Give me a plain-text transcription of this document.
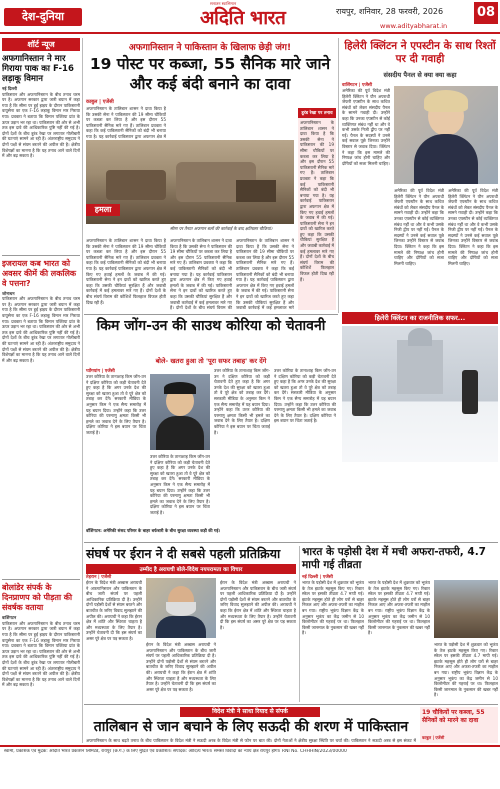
देश-दुनिया
सनातन स्वाभिमान
अदिति भारत	रायपुर, शनिवार, 28 फरवरी, 2026	08
www.adityabharat.in
शॉर्ट न्यूज
अफगानिस्तान ने मार गिराया पाक का F-16 लड़ाकू विमान
नई दिल्ली
पाकिस्तान और अफगानिस्तान के बीच तनाव चरम पर है। अफगान सरकार द्वारा जारी बयान में कहा गया है कि सीमा पर हुई झड़प के दौरान पाकिस्तानी वायुसेना का एक F-16 लड़ाकू विमान मार गिराया गया। प्रवक्ता ने बताया कि विमान पक्तिया प्रांत के ऊपर उड़ान भर रहा था। पाकिस्तान की ओर से अभी तक इस दावे की आधिकारिक पुष्टि नहीं की गई है। दोनों देशों के बीच डूरंड रेखा पर लगातार गोलीबारी की घटनाएं सामने आ रही हैं। अंतरराष्ट्रीय समुदाय ने दोनों पक्षों से संयम बरतने की अपील की है। क्षेत्रीय विशेषज्ञों का मानना है कि यह तनाव आने वाले दिनों में और बढ़ सकता है।
इजरायल कब भारत को अवसर कीमें की लकलिक वे पत्तना?
जोनाथन
पाकिस्तान और अफगानिस्तान के बीच तनाव चरम पर है। अफगान सरकार द्वारा जारी बयान में कहा गया है कि सीमा पर हुई झड़प के दौरान पाकिस्तानी वायुसेना का एक F-16 लड़ाकू विमान मार गिराया गया। प्रवक्ता ने बताया कि विमान पक्तिया प्रांत के ऊपर उड़ान भर रहा था। पाकिस्तान की ओर से अभी तक इस दावे की आधिकारिक पुष्टि नहीं की गई है। दोनों देशों के बीच डूरंड रेखा पर लगातार गोलीबारी की घटनाएं सामने आ रही हैं। अंतरराष्ट्रीय समुदाय ने दोनों पक्षों से संयम बरतने की अपील की है। क्षेत्रीय विशेषज्ञों का मानना है कि यह तनाव आने वाले दिनों में और बढ़ सकता है।
बोलांडेर संपर्क के दिनप्राणप को पीड़ता की संवर्षक वताया
वाशिंगटन
पाकिस्तान और अफगानिस्तान के बीच तनाव चरम पर है। अफगान सरकार द्वारा जारी बयान में कहा गया है कि सीमा पर हुई झड़प के दौरान पाकिस्तानी वायुसेना का एक F-16 लड़ाकू विमान मार गिराया गया। प्रवक्ता ने बताया कि विमान पक्तिया प्रांत के ऊपर उड़ान भर रहा था। पाकिस्तान की ओर से अभी तक इस दावे की आधिकारिक पुष्टि नहीं की गई है। दोनों देशों के बीच डूरंड रेखा पर लगातार गोलीबारी की घटनाएं सामने आ रही हैं। अंतरराष्ट्रीय समुदाय ने दोनों पक्षों से संयम बरतने की अपील की है। क्षेत्रीय विशेषज्ञों का मानना है कि यह तनाव आने वाले दिनों में और बढ़ सकता है।
अफगानिस्तान ने पाकिस्तान के खिलाफ छेड़ी जंग!
19 पोस्ट पर कब्जा, 55 सैनिक मारे जाने और कई बंदी बनाने का दावा
काबुल | एजेंसी
अफगानिस्तान के तालिबान शासन ने दावा किया है कि उसकी सेना ने पाकिस्तान की 19 सीमा चौकियों पर कब्जा कर लिया है और इस दौरान 55 पाकिस्तानी सैनिक मारे गए हैं। तालिबान प्रवक्ता ने कहा कि कई पाकिस्तानी सैनिकों को बंदी भी बनाया गया है। यह कार्रवाई पाकिस्तान द्वारा अफगान क्षेत्र में
हमला
सीमा पर तैनात अफगान बलों की कार्रवाई के बाद क्षतिग्रस्त चौकियां।
अफगानिस्तान के तालिबान शासन ने दावा किया है कि उसकी सेना ने पाकिस्तान की 19 सीमा चौकियों पर कब्जा कर लिया है और इस दौरान 55 पाकिस्तानी सैनिक मारे गए हैं। तालिबान प्रवक्ता ने कहा कि कई पाकिस्तानी सैनिकों को बंदी भी बनाया गया है। यह कार्रवाई पाकिस्तान द्वारा अफगान क्षेत्र में किए गए हवाई हमलों के जवाब में की गई। पाकिस्तानी सेना ने इन दावों को खारिज करते हुए कहा कि उसकी चौकियां सुरक्षित हैं और जवाबी कार्रवाई में कई हमलावर मारे गए हैं। दोनों देशों के बीच संघर्ष विराम की कोशिशें फिलहाल विफल होती दिख रही हैं।
अफगानिस्तान के तालिबान शासन ने दावा किया है कि उसकी सेना ने पाकिस्तान की 19 सीमा चौकियों पर कब्जा कर लिया है और इस दौरान 55 पाकिस्तानी सैनिक मारे गए हैं। तालिबान प्रवक्ता ने कहा कि कई पाकिस्तानी सैनिकों को बंदी भी बनाया गया है। यह कार्रवाई पाकिस्तान द्वारा अफगान क्षेत्र में किए गए हवाई हमलों के जवाब में की गई। पाकिस्तानी सेना ने इन दावों को खारिज करते हुए कहा कि उसकी चौकियां सुरक्षित हैं और जवाबी कार्रवाई में कई हमलावर मारे गए हैं। दोनों देशों के बीच संघर्ष विराम की
अफगानिस्तान के तालिबान शासन ने दावा किया है कि उसकी सेना ने पाकिस्तान की 19 सीमा चौकियों पर कब्जा कर लिया है और इस दौरान 55 पाकिस्तानी सैनिक मारे गए हैं। तालिबान प्रवक्ता ने कहा कि कई पाकिस्तानी सैनिकों को बंदी भी बनाया गया है। यह कार्रवाई पाकिस्तान द्वारा अफगान क्षेत्र में किए गए हवाई हमलों के जवाब में की गई। पाकिस्तानी सेना ने इन दावों को खारिज करते हुए कहा कि उसकी चौकियां सुरक्षित हैं और जवाबी कार्रवाई में कई हमलावर मारे
डूरंड रेखा पर तनाव
अफगानिस्तान के तालिबान शासन ने दावा किया है कि उसकी सेना ने पाकिस्तान की 19 सीमा चौकियों पर कब्जा कर लिया है और इस दौरान 55 पाकिस्तानी सैनिक मारे गए हैं। तालिबान प्रवक्ता ने कहा कि कई पाकिस्तानी सैनिकों को बंदी भी बनाया गया है। यह कार्रवाई पाकिस्तान द्वारा अफगान क्षेत्र में किए गए हवाई हमलों के जवाब में की गई। पाकिस्तानी सेना ने इन दावों को खारिज करते हुए कहा कि उसकी चौकियां सुरक्षित हैं और जवाबी कार्रवाई में कई हमलावर मारे गए हैं। दोनों देशों के बीच संघर्ष विराम की कोशिशें फिलहाल विफल होती दिख रही हैं।
हिलेरी क्लिंटन ने एपस्टीन के साथ रिश्तों पर दी गवाही
संसदीय पैनल से क्या क्या कहा
वाशिंगटन | एजेंसी
अमेरिका की पूर्व विदेश मंत्री हिलेरी क्लिंटन ने यौन अपराधी जेफरी एपस्टीन के साथ कथित संबंधों को लेकर संसदीय पैनल के सामने गवाही दी। उन्होंने कहा कि उनका एपस्टीन से कोई व्यक्तिगत संबंध नहीं था और वे कभी उसके निजी द्वीप पर नहीं गईं। पैनल के सदस्यों ने उनसे कई सवाल पूछे जिनका उन्होंने विस्तार से जवाब दिया। क्लिंटन ने कहा कि इस मामले की निष्पक्ष जांच होनी चाहिए और दोषियों को सजा मिलनी चाहिए।
अमेरिका की पूर्व विदेश मंत्री हिलेरी क्लिंटन ने यौन अपराधी जेफरी एपस्टीन के साथ कथित संबंधों को लेकर संसदीय पैनल के सामने गवाही दी। उन्होंने कहा कि उनका एपस्टीन से कोई व्यक्तिगत संबंध नहीं था और वे कभी उसके निजी द्वीप पर नहीं गईं। पैनल के सदस्यों ने उनसे कई सवाल पूछे जिनका उन्होंने विस्तार से जवाब दिया। क्लिंटन ने कहा कि इस मामले की निष्पक्ष जांच होनी चाहिए और दोषियों को सजा मिलनी चाहिए।
अमेरिका की पूर्व विदेश मंत्री हिलेरी क्लिंटन ने यौन अपराधी जेफरी एपस्टीन के साथ कथित संबंधों को लेकर संसदीय पैनल के सामने गवाही दी। उन्होंने कहा कि उनका एपस्टीन से कोई व्यक्तिगत संबंध नहीं था और वे कभी उसके निजी द्वीप पर नहीं गईं। पैनल के सदस्यों ने उनसे कई सवाल पूछे जिनका उन्होंने विस्तार से जवाब दिया। क्लिंटन ने कहा कि इस मामले की निष्पक्ष जांच होनी चाहिए और दोषियों को सजा मिलनी चाहिए।
हिलेरी क्लिंटन का राजनीतिक सफर...
किम जोंग-उन की साउथ कोरिया को चेतावनी
बोले- खतरा हुआ तो 'पूरा सफर तबाह' कर देंगे
प्योंगयांग | एजेंसी
उत्तर कोरिया के तानाशाह किम जोंग-उन ने दक्षिण कोरिया को कड़ी चेतावनी देते हुए कहा है कि अगर उनके देश की सुरक्षा को खतरा हुआ तो वे पूरे क्षेत्र को तबाह कर देंगे। सरकारी मीडिया के अनुसार किम ने एक सैन्य समारोह में यह बयान दिया। उन्होंने कहा कि उत्तर कोरिया की परमाणु क्षमता किसी भी हमले का जवाब देने के लिए तैयार है। दक्षिण कोरिया ने इस बयान पर चिंता जताई है।
उत्तर कोरिया के तानाशाह किम जोंग-उन ने दक्षिण कोरिया को कड़ी चेतावनी देते हुए कहा है कि अगर उनके देश की सुरक्षा को खतरा हुआ तो वे पूरे क्षेत्र को तबाह कर देंगे। सरकारी मीडिया के अनुसार किम ने एक सैन्य समारोह में यह बयान दिया। उन्होंने कहा कि उत्तर कोरिया की परमाणु क्षमता किसी भी हमले का जवाब देने के लिए तैयार है। दक्षिण कोरिया ने इस बयान पर चिंता जताई है।
उत्तर कोरिया के तानाशाह किम जोंग-उन ने दक्षिण कोरिया को कड़ी चेतावनी देते हुए कहा है कि अगर उनके देश की सुरक्षा को खतरा हुआ तो वे पूरे क्षेत्र को तबाह कर देंगे। सरकारी मीडिया के अनुसार किम ने एक सैन्य समारोह में यह बयान दिया। उन्होंने कहा कि उत्तर कोरिया की परमाणु क्षमता किसी भी हमले का जवाब देने के लिए तैयार है। दक्षिण कोरिया ने इस बयान पर चिंता जताई है।
उत्तर कोरिया के तानाशाह किम जोंग-उन ने दक्षिण कोरिया को कड़ी चेतावनी देते हुए कहा है कि अगर उनके देश की सुरक्षा को खतरा हुआ तो वे पूरे क्षेत्र को तबाह कर देंगे। सरकारी मीडिया के अनुसार किम ने एक सैन्य समारोह में यह बयान दिया। उन्होंने कहा कि उत्तर कोरिया की परमाणु क्षमता किसी भी हमले का जवाब देने के लिए तैयार है। दक्षिण कोरिया ने इस बयान पर चिंता जताई है।
वॉशिंगटन: अमेरिकी संसद परिसर के बाहर बर्फबारी के बीच सुरक्षा व्यवस्था कड़ी की गई।
संघर्ष पर ईरान ने दी सबसे पहली प्रतिक्रिया
उम्मीद है अराघची बोले-विदेश नयपरामता का विचार
तेहरान | एजेंसी
ईरान के विदेश मंत्री अब्बास अराघची ने अफगानिस्तान और पाकिस्तान के बीच जारी संघर्ष पर पहली आधिकारिक प्रतिक्रिया दी है। उन्होंने दोनों पड़ोसी देशों से संयम बरतने और बातचीत के जरिए विवाद सुलझाने की अपील की। अराघची ने कहा कि ईरान क्षेत्र में शांति और स्थिरता चाहता है और मध्यस्थता के लिए तैयार है। उन्होंने चेतावनी दी कि इस संघर्ष का असर पूरे क्षेत्र पर पड़ सकता है।
ईरान के विदेश मंत्री अब्बास अराघची ने अफगानिस्तान और पाकिस्तान के बीच जारी संघर्ष पर पहली आधिकारिक प्रतिक्रिया दी है। उन्होंने दोनों पड़ोसी देशों से संयम बरतने और बातचीत के जरिए विवाद सुलझाने की अपील की। अराघची ने कहा कि ईरान क्षेत्र में शांति और स्थिरता चाहता है और मध्यस्थता के लिए तैयार है। उन्होंने चेतावनी दी कि इस संघर्ष का असर पूरे क्षेत्र पर पड़ सकता है।
ईरान के विदेश मंत्री अब्बास अराघची ने अफगानिस्तान और पाकिस्तान के बीच जारी संघर्ष पर पहली आधिकारिक प्रतिक्रिया दी है। उन्होंने दोनों पड़ोसी देशों से संयम बरतने और बातचीत के जरिए विवाद सुलझाने की अपील की। अराघची ने कहा कि ईरान क्षेत्र में शांति और स्थिरता चाहता है और मध्यस्थता के लिए तैयार है। उन्होंने चेतावनी दी कि इस संघर्ष का असर पूरे क्षेत्र पर पड़ सकता है।
भारत के पड़ोसी देश में मची अफरा-तफरी, 4.7 मापी गई तीव्रता
नई दिल्ली | एजेंसी
भारत के पड़ोसी देश में शुक्रवार को भूकंप के तेज झटके महसूस किए गए। रिक्टर स्केल पर इसकी तीव्रता 4.7 मापी गई। झटके महसूस होते ही लोग घरों से बाहर निकल आए और अफरा-तफरी का माहौल बन गया। राष्ट्रीय भूकंप विज्ञान केंद्र के अनुसार भूकंप का केंद्र जमीन से 10 किलोमीटर की गहराई पर था। फिलहाल किसी जानमाल के नुकसान की खबर नहीं है।
भारत के पड़ोसी देश में शुक्रवार को भूकंप के तेज झटके महसूस किए गए। रिक्टर स्केल पर इसकी तीव्रता 4.7 मापी गई। झटके महसूस होते ही लोग घरों से बाहर निकल आए और अफरा-तफरी का माहौल बन गया। राष्ट्रीय भूकंप विज्ञान केंद्र के अनुसार भूकंप का केंद्र जमीन से 10 किलोमीटर की गहराई पर था। फिलहाल किसी जानमाल के नुकसान की खबर नहीं है।
भारत के पड़ोसी देश में शुक्रवार को भूकंप के तेज झटके महसूस किए गए। रिक्टर स्केल पर इसकी तीव्रता 4.7 मापी गई। झटके महसूस होते ही लोग घरों से बाहर निकल आए और अफरा-तफरी का माहौल बन गया। राष्ट्रीय भूकंप विज्ञान केंद्र के अनुसार भूकंप का केंद्र जमीन से 10 किलोमीटर की गहराई पर था। फिलहाल किसी जानमाल के नुकसान की खबर नहीं है।
विदेश मंत्री ने साधा रियाद से संपर्क
तालिबान से जान बचाने के लिए सऊदी की शरण में पाकिस्तान
19 चौकियों पर कब्जा, 55 सैनिकों को मारने का दावा
काबुल | एजेंसी
अफगानिस्तान के साथ बढ़ते तनाव के बीच पाकिस्तान के विदेश मंत्री ने सऊदी अरब के विदेश मंत्री से फोन पर बात की। दोनों नेताओं ने क्षेत्रीय सुरक्षा स्थिति पर चर्चा की। पाकिस्तान ने सऊदी अरब से इस संकट में
स्वामी, प्रकाशक एवं मुद्रक: अदिति भारत प्रकाशन लिमिटेड, रायपुर (छ.ग.) के लिए मुद्रित एवं प्रकाशित। संपादक: आदित्य भारत। समस्त विवादों का न्याय क्षेत्र रायपुर होगा। RNI No. CHHHIN/2023/00000
